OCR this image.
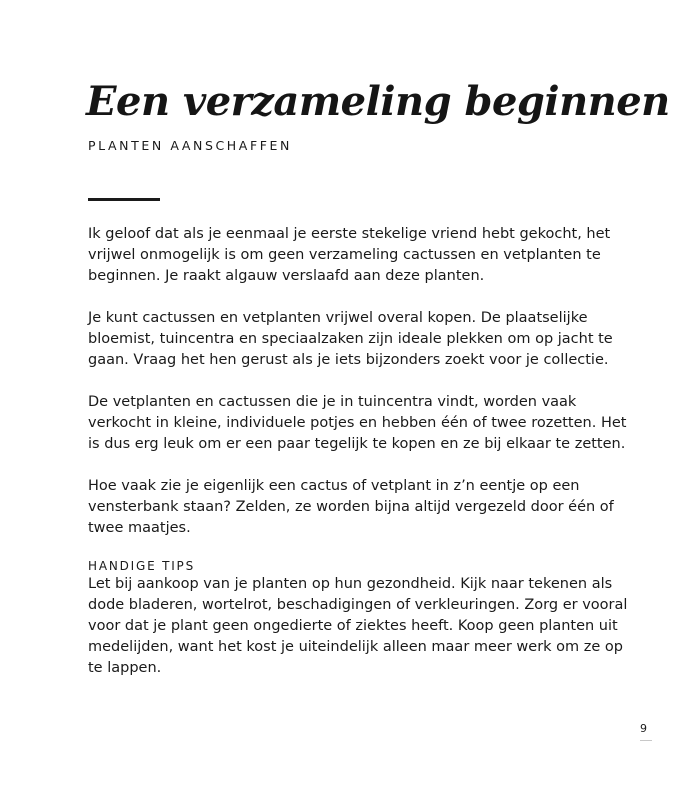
Een verzameling beginnen
PLANTEN AANSCHAFFEN

Ik geloof dat als je eenmaal je eerste stekelige vriend hebt gekocht, het vrijwel onmogelijk is om geen verzameling cactussen en vetplanten te beginnen. Je raakt algauw verslaafd aan deze planten.

Je kunt cactussen en vetplanten vrijwel overal kopen. De plaatselijke bloemist, tuincentra en speciaalzaken zijn ideale plekken om op jacht te gaan. Vraag het hen gerust als je iets bijzonders zoekt voor je collectie.

De vetplanten en cactussen die je in tuincentra vindt, worden vaak verkocht in kleine, individuele potjes en hebben één of twee rozetten. Het is dus erg leuk om er een paar tegelijk te kopen en ze bij elkaar te zetten.

Hoe vaak zie je eigenlijk een cactus of vetplant in z’n eentje op een vensterbank staan? Zelden, ze worden bijna altijd vergezeld door één of twee maatjes.

HANDIGE TIPS

Let bij aankoop van je planten op hun gezondheid. Kijk naar tekenen als dode bladeren, wortelrot, beschadigingen of verkleuringen. Zorg er vooral voor dat je plant geen ongedierte of ziektes heeft. Koop geen planten uit medelijden, want het kost je uiteindelijk alleen maar meer werk om ze op te lappen.

9
